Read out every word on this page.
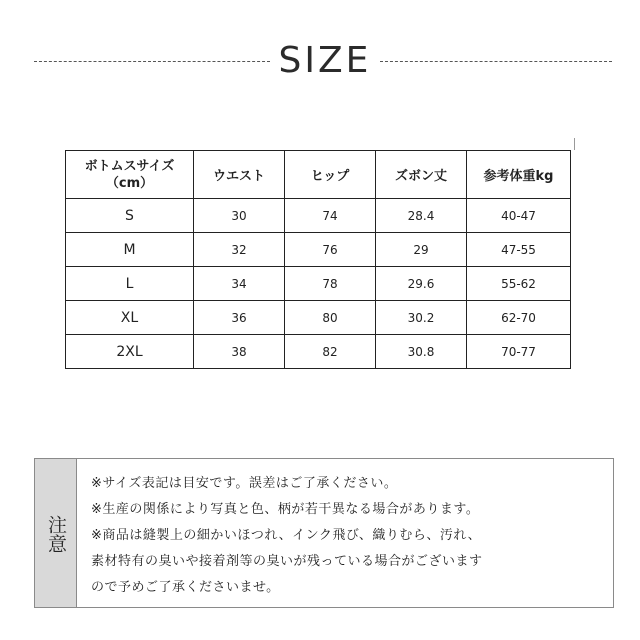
SIZE
ボトムスサイズ
（cm）	ウエスト	ヒップ	ズボン丈	参考体重kg
S	30	74	28.4	40-47
M	32	76	29	47-55
L	34	78	29.6	55-62
XL	36	80	30.2	62-70
2XL	38	82	30.8	70-77
注意
※サイズ表記は目安です。誤差はご了承ください。
※生産の関係により写真と色、柄が若干異なる場合があります。
※商品は縫製上の細かいほつれ、インク飛び、織りむら、汚れ、
素材特有の臭いや接着剤等の臭いが残っている場合がございます
ので予めご了承くださいませ。
